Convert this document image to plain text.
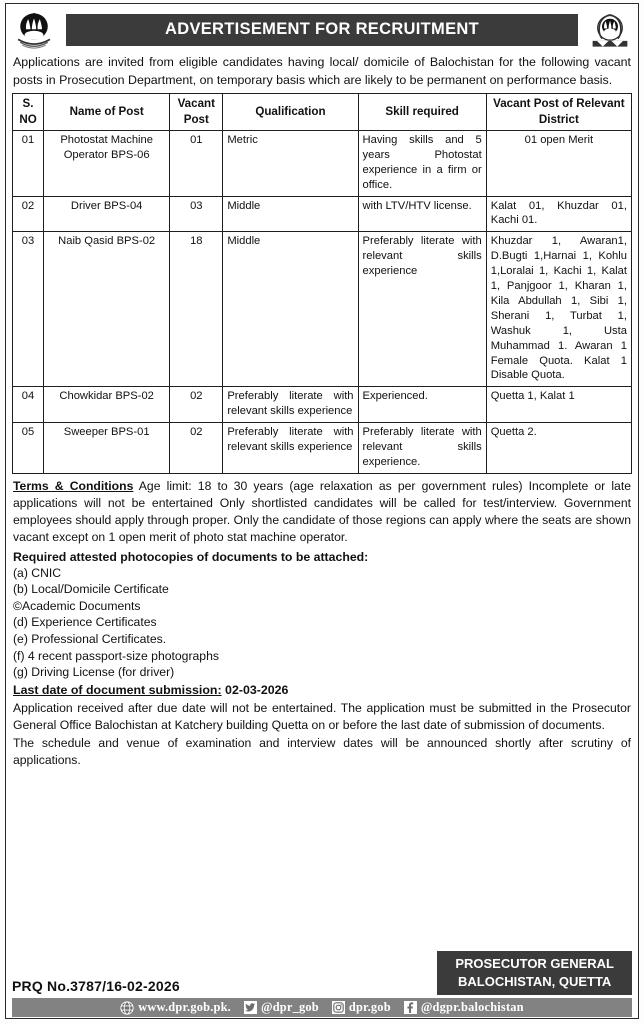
ADVERTISEMENT FOR RECRUITMENT
Applications are invited from eligible candidates having local/ domicile of Balochistan for the following vacant posts in Prosecution Department, on temporary basis which are likely to be permanent on performance basis.
S. NO	Name of Post	Vacant Post	Qualification	Skill required	Vacant Post of Relevant District
01	Photostat Machine Operator BPS-06	01	Metric	Having skills and 5 years Photostat experience in a firm or office.	01 open Merit
02	Driver BPS-04	03	Middle	with LTV/HTV license.	Kalat 01, Khuzdar 01, Kachi 01.
03	Naib Qasid BPS-02	18	Middle	Preferably literate with relevant skills experience	Khuzdar 1, Awaran1, D.Bugti 1,Harnai 1, Kohlu 1,Loralai 1, Kachi 1, Kalat 1, Panjgoor 1, Kharan 1, Kila Abdullah 1, Sibi 1, Sherani 1, Turbat 1, Washuk 1, Usta Muhammad 1. Awaran 1 Female Quota. Kalat 1 Disable Quota.
04	Chowkidar BPS-02	02	Preferably literate with relevant skills experience	Experienced.	Quetta 1, Kalat 1
05	Sweeper BPS-01	02	Preferably literate with relevant skills experience	Preferably literate with relevant skills experience.	Quetta 2.
Terms & Conditions Age limit: 18 to 30 years (age relaxation as per government rules) Incomplete or late applications will not be entertained Only shortlisted candidates will be called for test/interview. Government employees should apply through proper. Only the candidate of those regions can apply where the seats are shown vacant except on 1 open merit of photo stat machine operator.
Required attested photocopies of documents to be attached:
(a) CNIC
(b) Local/Domicile Certificate
©Academic Documents
(d) Experience Certificates
(e) Professional Certificates.
(f) 4 recent passport-size photographs
(g) Driving License (for driver)
Last date of document submission: 02-03-2026

Application received after due date will not be entertained. The application must be submitted in the Prosecutor General Office Balochistan at Katchery building Quetta on or before the last date of submission of documents.

The schedule and venue of examination and interview dates will be announced shortly after scrutiny of applications.

PRQ No.3787/16-02-2026
PROSECUTOR GENERAL
BALOCHISTAN, QUETTA
www.dpr.gob.pk. @dpr_gob dpr.gob @dgpr.balochistan
